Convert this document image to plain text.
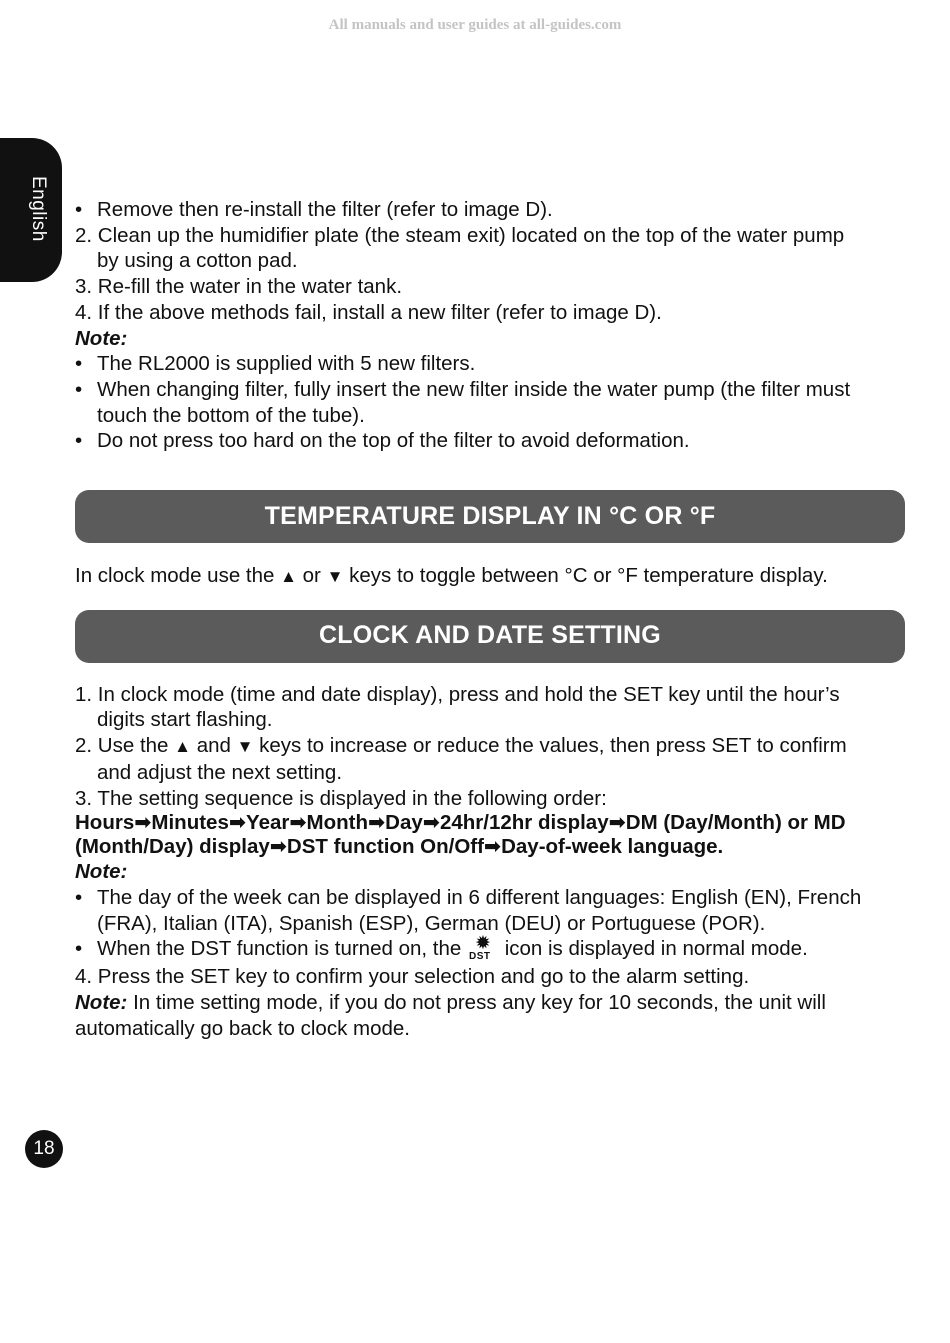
All manuals and user guides at all-guides.com
English • Remove then re-install the filter (refer to image D).
2. Clean up the humidifier plate (the steam exit) located on the top of the water pump
by using a cotton pad.
3. Re-fill the water in the water tank.
4. If the above methods fail, install a new filter (refer to image D).
Note:
• The RL2000 is supplied with 5 new filters.
• When changing filter, fully insert the new filter inside the water pump (the filter must
touch the bottom of the tube).
• Do not press too hard on the top of the filter to avoid deformation.
TEMPERATURE DISPLAY IN °C OR °F
In clock mode use the ▲ or ▼ keys to toggle between °C or °F temperature display.
CLOCK AND DATE SETTING
1. In clock mode (time and date display), press and hold the SET key until the hour’s
digits start flashing.
2. Use the ▲ and ▼ keys to increase or reduce the values, then press SET to confirm
and adjust the next setting.
3. The setting sequence is displayed in the following order:
Hours➡Minutes➡Year➡Month➡Day➡24hr/12hr display➡DM (Day/Month) or MD (Month/Day) display➡DST function On/Off➡Day-of-week language.
Note:
• The day of the week can be displayed in 6 different languages: English (EN), French
(FRA), Italian (ITA), Spanish (ESP), German (DEU) or Portuguese (POR).
• When the DST function is turned on, the ✹
DST icon is displayed in normal mode.
4. Press the SET key to confirm your selection and go to the alarm setting.
Note: In time setting mode, if you do not press any key for 10 seconds, the unit will
automatically go back to clock mode.
18
